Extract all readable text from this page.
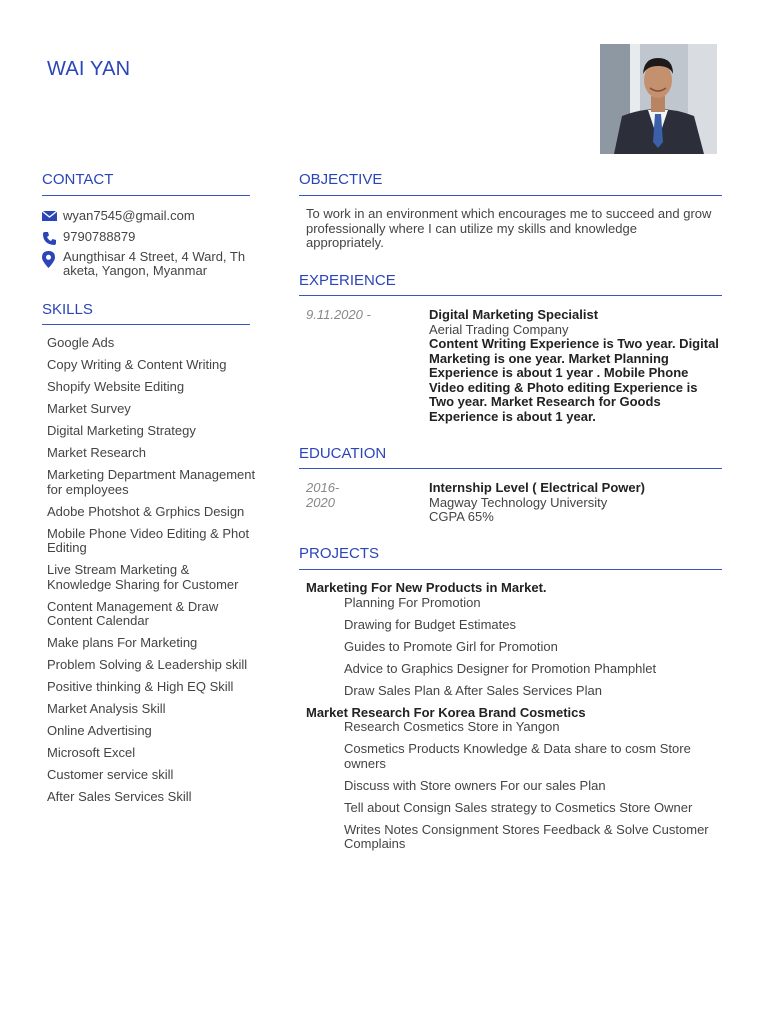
WAI YAN
CONTACT
wyan7545@gmail.com
9790788879
Aungthisar 4 Street, 4 Ward, Th aketa, Yangon, Myanmar
SKILLS
Google Ads
Copy Writing & Content Writing
Shopify Website Editing
Market Survey
Digital Marketing Strategy
Market Research
Marketing Department Management for employees
Adobe Photshot & Grphics Design
Mobile Phone Video Editing & Phot Editing
Live Stream Marketing & Knowledge Sharing for Customer
Content Management & Draw Content Calendar
Make plans For Marketing
Problem Solving & Leadership skill
Positive thinking & High EQ Skill
Market Analysis Skill
Online Advertising
Microsoft Excel
Customer service skill
After Sales Services Skill
OBJECTIVE
To work in an environment which encourages me to succeed and grow professionally where I can utilize my skills and knowledge appropriately.
EXPERIENCE
9.11.2020 -	Digital Marketing Specialist
Aerial Trading Company
Content Writing Experience is Two year. Digital Marketing is one year. Market Planning Experience is about 1 year . Mobile Phone Video editing & Photo editing Experience is Two year. Market Research for Goods Experience is about 1 year.
EDUCATION
2016- 2020
Internship Level ( Electrical Power)
Magway Technology University
CGPA 65%
PROJECTS
Marketing For New Products in Market.
Planning For Promotion
Drawing for Budget Estimates
Guides to Promote Girl for Promotion
Advice to Graphics Designer for Promotion Phamphlet
Draw Sales Plan & After Sales Services Plan
Market Research For Korea Brand Cosmetics
Research Cosmetics Store in Yangon
Cosmetics Products Knowledge & Data share to cosm Store owners
Discuss with Store owners For our sales Plan
Tell about Consign Sales strategy to Cosmetics Store Owner
Writes Notes Consignment Stores Feedback & Solve Customer Complains
